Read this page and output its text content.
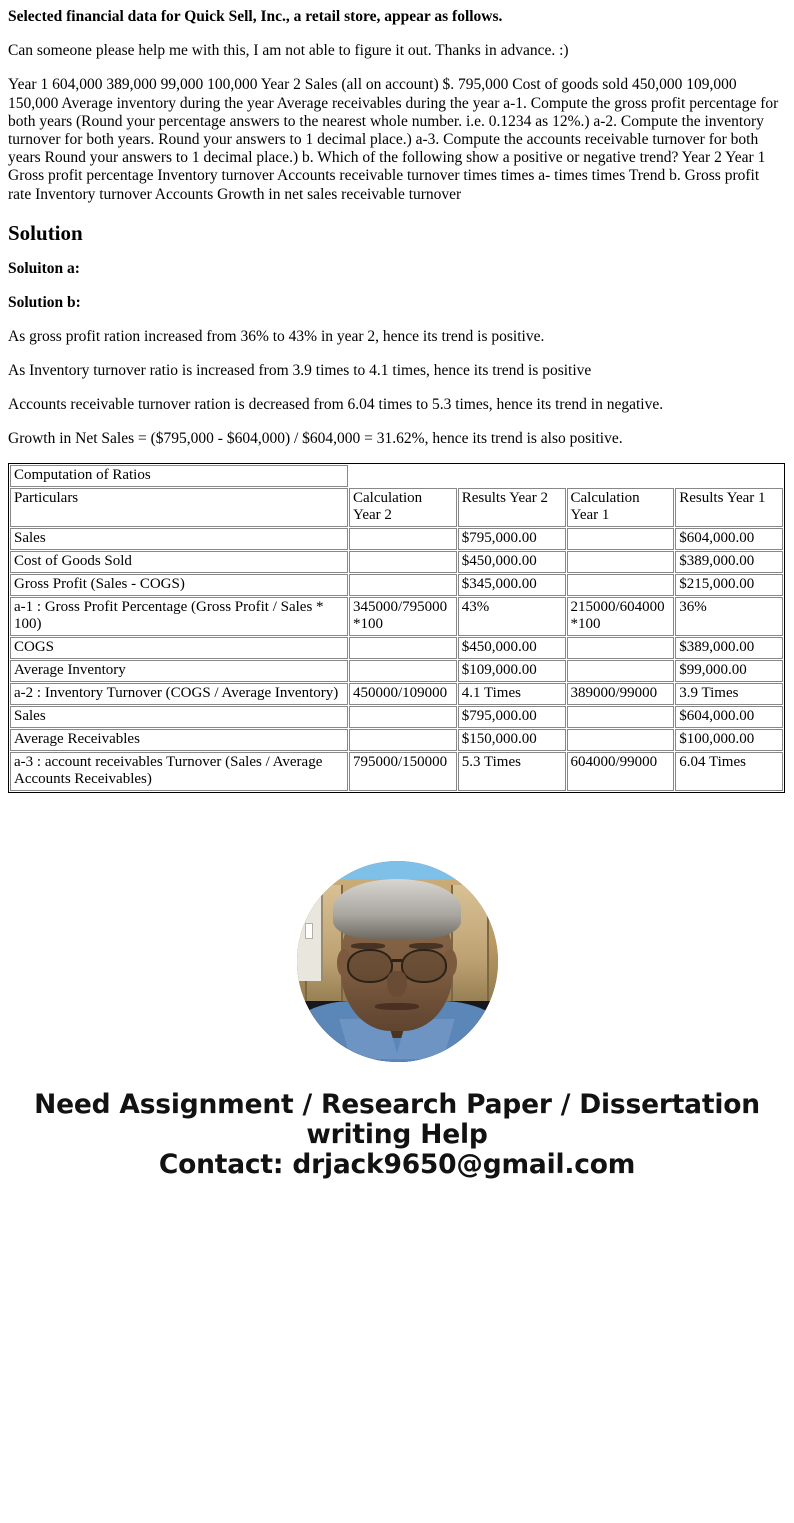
Selected financial data for Quick Sell, Inc., a retail store, appear as follows.

Can someone please help me with this, I am not able to figure it out. Thanks in advance. :)

Year 1 604,000 389,000 99,000 100,000 Year 2 Sales (all on account) $. 795,000 Cost of goods sold 450,000 109,000 150,000 Average inventory during the year Average receivables during the year a-1. Compute the gross profit percentage for both years (Round your percentage answers to the nearest whole number. i.e. 0.1234 as 12%.) a-2. Compute the inventory turnover for both years. Round your answers to 1 decimal place.) a-3. Compute the accounts receivable turnover for both years Round your answers to 1 decimal place.) b. Which of the following show a positive or negative trend? Year 2 Year 1 Gross profit percentage Inventory turnover Accounts receivable turnover times times a- times times Trend b. Gross profit rate Inventory turnover Accounts Growth in net sales receivable turnover

Solution

Soluiton a:

Solution b:

As gross profit ration increased from 36% to 43% in year 2, hence its trend is positive.

As Inventory turnover ratio is increased from 3.9 times to 4.1 times, hence its trend is positive

Accounts receivable turnover ration is decreased from 6.04 times to 5.3 times, hence its trend in negative.

Growth in Net Sales = ($795,000 - $604,000) / $604,000 = 31.62%, hence its trend is also positive.

Computation of Ratios				
Particulars	Calculation Year 2	Results Year 2	Calculation Year 1	Results Year 1
Sales		$795,000.00		$604,000.00
Cost of Goods Sold		$450,000.00		$389,000.00
Gross Profit (Sales - COGS)		$345,000.00		$215,000.00
a-1 : Gross Profit Percentage (Gross Profit / Sales * 100)	345000/795000*100	43%	215000/604000*100	36%
COGS		$450,000.00		$389,000.00
Average Inventory		$109,000.00		$99,000.00
a-2 : Inventory Turnover (COGS / Average Inventory)	450000/109000	4.1 Times	389000/99000	3.9 Times
Sales		$795,000.00		$604,000.00
Average Receivables		$150,000.00		$100,000.00
a-3 : account receivables Turnover (Sales / Average Accounts Receivables)	795000/150000	5.3 Times	604000/99000	6.04 Times
Need Assignment / Research Paper / Dissertation
writing Help
Contact: drjack9650@gmail.com
